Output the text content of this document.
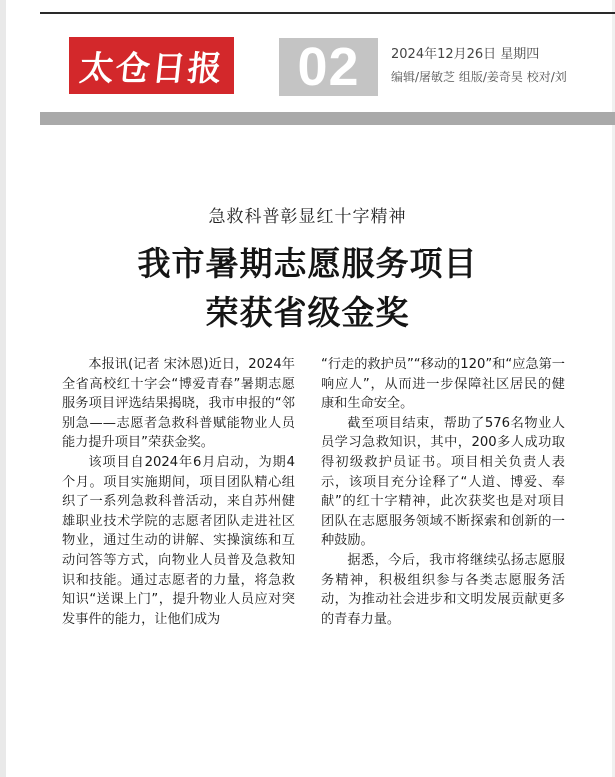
太仓日报 02 2024年12月26日 星期四
编辑/屠敏芝 组版/姜奇昊 校对/刘
急救科普彰显红十字精神
我市暑期志愿服务项目
荣获省级金奖

本报讯(记者 宋沐恩)近日，2024年全省高校红十字会“博爱青春”暑期志愿服务项目评选结果揭晓，我市申报的“邻别急——志愿者急救科普赋能物业人员能力提升项目”荣获金奖。

该项目自2024年6月启动，为期4个月。项目实施期间，项目团队精心组织了一系列急救科普活动，来自苏州健雄职业技术学院的志愿者团队走进社区物业，通过生动的讲解、实操演练和互动问答等方式，向物业人员普及急救知识和技能。通过志愿者的力量，将急救知识“送课上门”，提升物业人员应对突发事件的能力，让他们成为

“行走的救护员”“移动的120”和“应急第一响应人”，从而进一步保障社区居民的健康和生命安全。

截至项目结束，帮助了576名物业人员学习急救知识，其中，200多人成功取得初级救护员证书。项目相关负责人表示，该项目充分诠释了“人道、博爱、奉献”的红十字精神，此次获奖也是对项目团队在志愿服务领域不断探索和创新的一种鼓励。

据悉，今后，我市将继续弘扬志愿服务精神，积极组织参与各类志愿服务活动，为推动社会进步和文明发展贡献更多的青春力量。
